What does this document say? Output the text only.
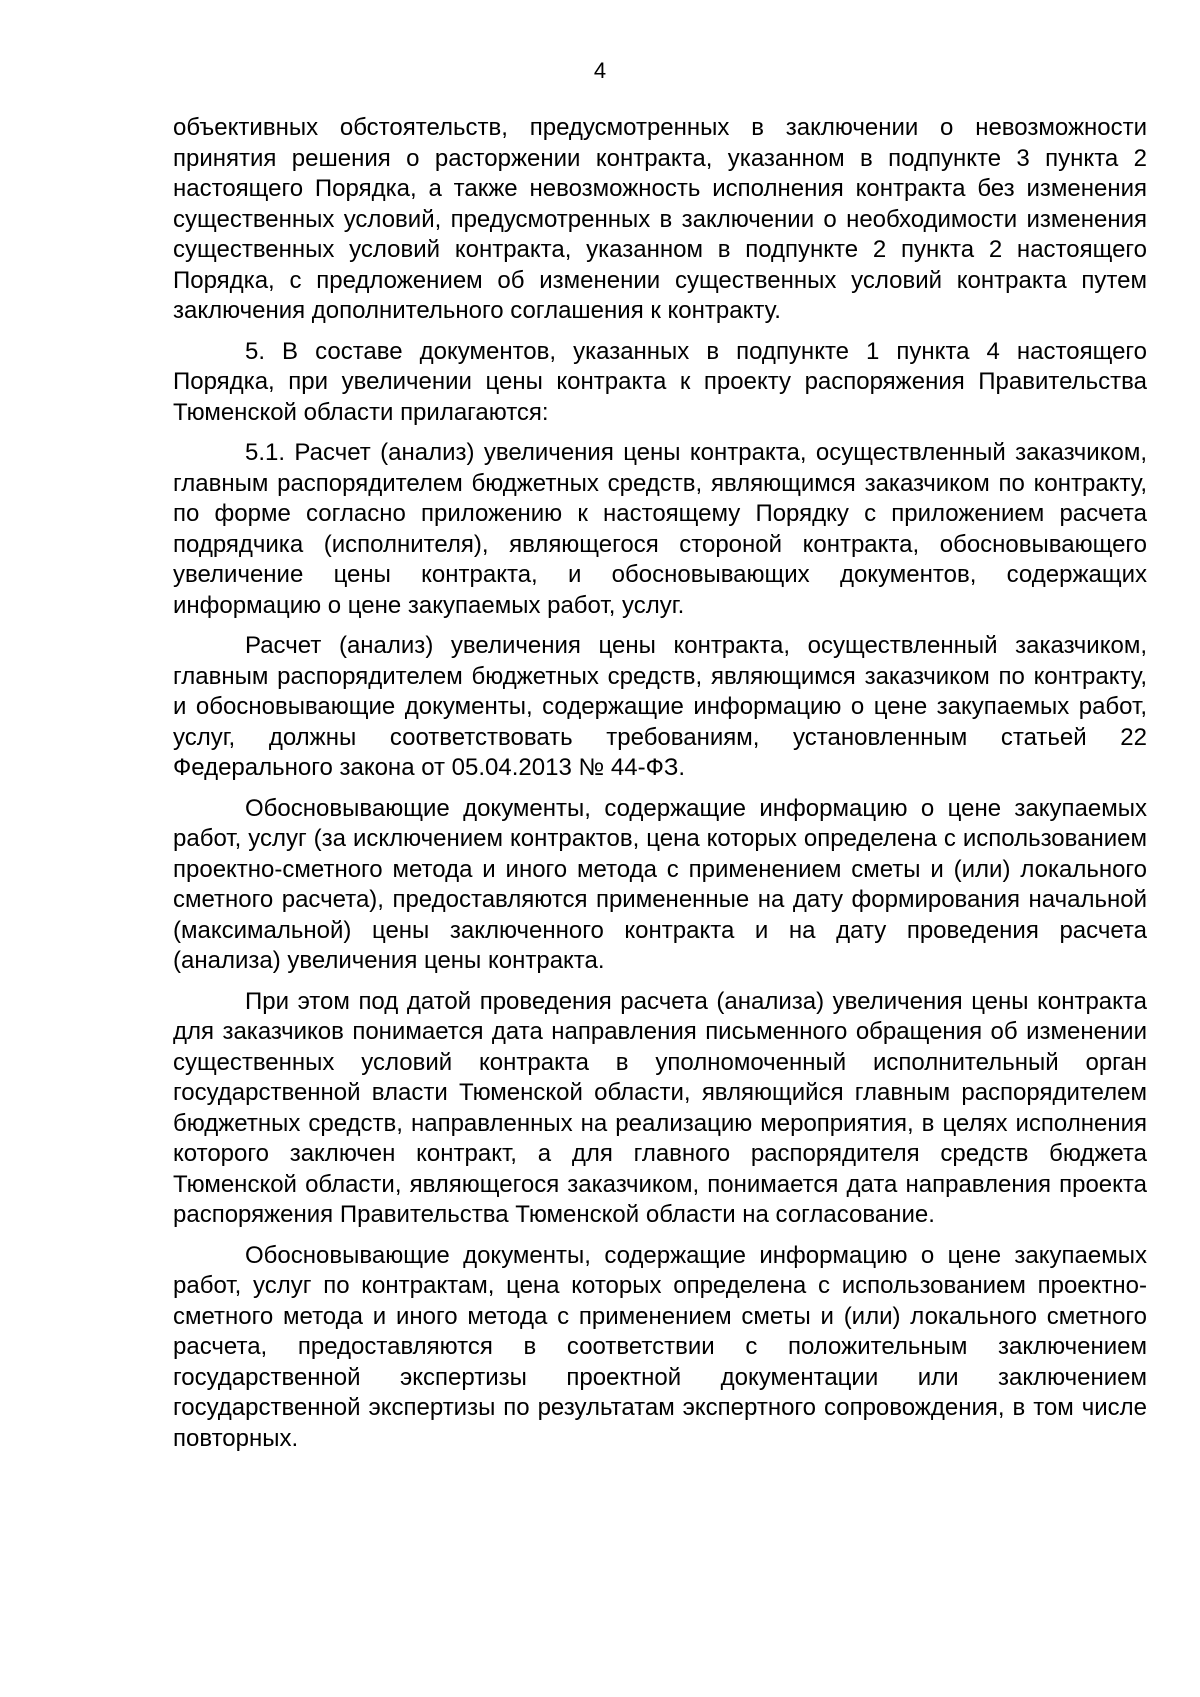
4

объективных обстоятельств, предусмотренных в заключении о невозможности принятия решения о расторжении контракта, указанном в подпункте 3 пункта 2 настоящего Порядка, а также невозможность исполнения контракта без изменения существенных условий, предусмотренных в заключении о необходимости изменения существенных условий контракта, указанном в подпункте 2 пункта 2 настоящего Порядка, с предложением об изменении существенных условий контракта путем заключения дополнительного соглашения к контракту.

5. В составе документов, указанных в подпункте 1 пункта 4 настоящего Порядка, при увеличении цены контракта к проекту распоряжения Правительства Тюменской области прилагаются:

5.1. Расчет (анализ) увеличения цены контракта, осуществленный заказчиком, главным распорядителем бюджетных средств, являющимся заказчиком по контракту, по форме согласно приложению к настоящему Порядку с приложением расчета подрядчика (исполнителя), являющегося стороной контракта, обосновывающего увеличение цены контракта, и обосновывающих документов, содержащих информацию о цене закупаемых работ, услуг.

Расчет (анализ) увеличения цены контракта, осуществленный заказчиком, главным распорядителем бюджетных средств, являющимся заказчиком по контракту, и обосновывающие документы, содержащие информацию о цене закупаемых работ, услуг, должны соответствовать требованиям, установленным статьей 22 Федерального закона от 05.04.2013 № 44-ФЗ.

Обосновывающие документы, содержащие информацию о цене закупаемых работ, услуг (за исключением контрактов, цена которых определена с использованием проектно-сметного метода и иного метода с применением сметы и (или) локального сметного расчета), предоставляются примененные на дату формирования начальной (максимальной) цены заключенного контракта и на дату проведения расчета (анализа) увеличения цены контракта.

При этом под датой проведения расчета (анализа) увеличения цены контракта для заказчиков понимается дата направления письменного обращения об изменении существенных условий контракта в уполномоченный исполнительный орган государственной власти Тюменской области, являющийся главным распорядителем бюджетных средств, направленных на реализацию мероприятия, в целях исполнения которого заключен контракт, а для главного распорядителя средств бюджета Тюменской области, являющегося заказчиком, понимается дата направления проекта распоряжения Правительства Тюменской области на согласование.

Обосновывающие документы, содержащие информацию о цене закупаемых работ, услуг по контрактам, цена которых определена с использованием проектно-сметного метода и иного метода с применением сметы и (или) локального сметного расчета, предоставляются в соответствии с положительным заключением государственной экспертизы проектной документации или заключением государственной экспертизы по результатам экспертного сопровождения, в том числе повторных.
